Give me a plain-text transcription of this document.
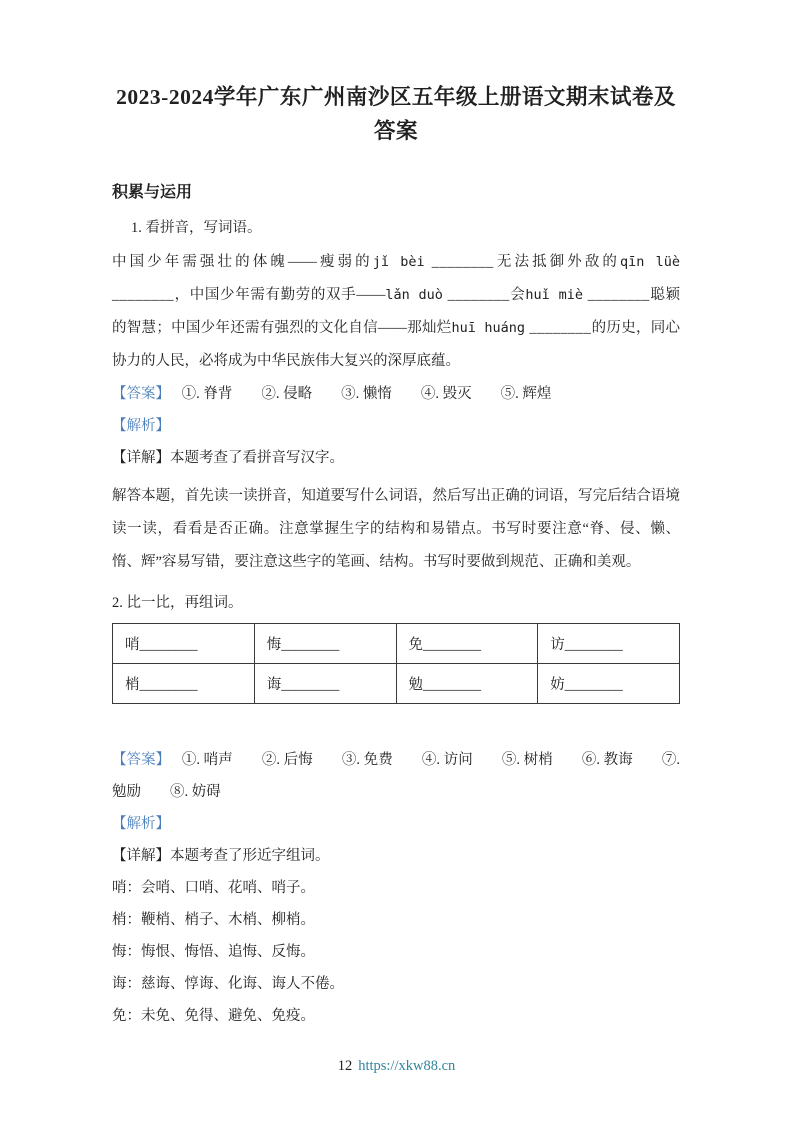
2023-2024学年广东广州南沙区五年级上册语文期末试卷及
答案
积累与运用

1. 看拼音，写词语。

中国少年需强壮的体魄——瘦弱的jǐ bèi ________无法抵御外敌的qīn lüè ________，中国少年需有勤劳的双手——lǎn duò ________会huǐ miè ________聪颖的智慧；中国少年还需有强烈的文化自信——那灿烂huī huáng ________的历史，同心协力的人民，必将成为中华民族伟大复兴的深厚底蕴。

【答案】 ①. 脊背　　②. 侵略　　③. 懒惰　　④. 毁灭　　⑤. 辉煌

【解析】

【详解】本题考查了看拼音写汉字。

解答本题，首先读一读拼音，知道要写什么词语，然后写出正确的词语，写完后结合语境读一读，看看是否正确。注意掌握生字的结构和易错点。书写时要注意“脊、侵、懒、惰、辉”容易写错，要注意这些字的笔画、结构。书写时要做到规范、正确和美观。

2. 比一比，再组词。

哨________	悔________	免________	访________
梢________	诲________	勉________	妨________

【答案】 ①. 哨声　　②. 后悔　　③. 免费　　④. 访问　　⑤. 树梢　　⑥. 教诲　　⑦. 勉励　　⑧. 妨碍

【解析】

【详解】本题考查了形近字组词。

哨：会哨、口哨、花哨、哨子。

梢：鞭梢、梢子、木梢、柳梢。

悔：悔恨、悔悟、追悔、反悔。

诲：慈诲、惇诲、化诲、诲人不倦。

免：未免、免得、避免、免疫。

12 https://xkw88.cn
